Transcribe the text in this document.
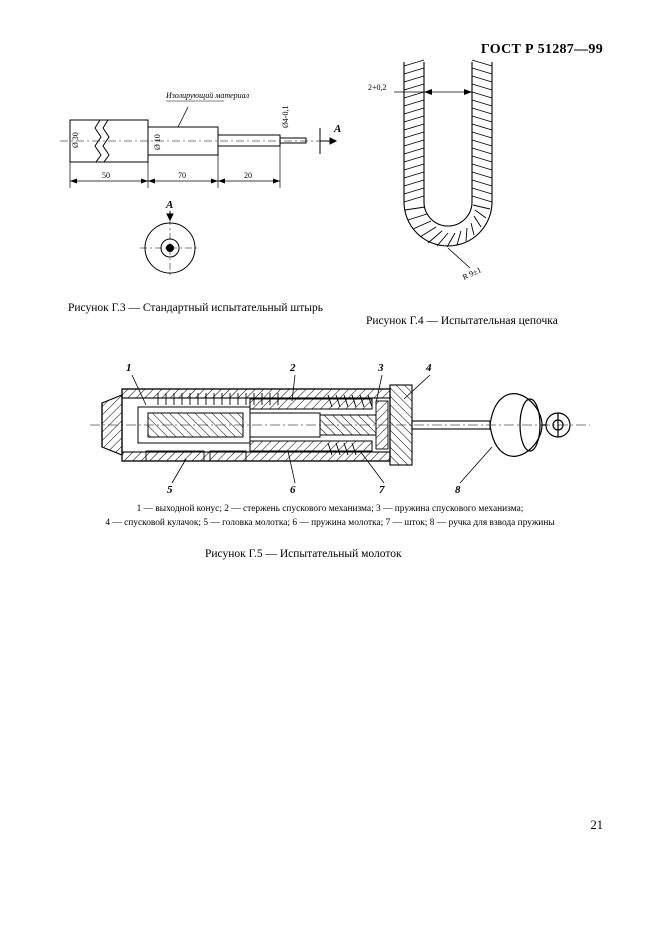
ГОСТ Р 51287—99
Изолирующий материал
Ø 30	Ø 10
Ø4-0,1
A
50	70	20
A
Рисунок Г.3 — Стандартный испытательный штырь
2+0,2
R 9±1
Рисунок Г.4 — Испытательная цепочка
1	2	3	4
5	6	7	8
1 — выходной конус; 2 — стержень спускового механизма; 3 — пружина спускового механизма;
4 — спусковой кулачок; 5 — головка молотка; 6 — пружина молотка; 7 — шток; 8 — ручка для взвода пружины
Рисунок Г.5 — Испытательный молоток
21
